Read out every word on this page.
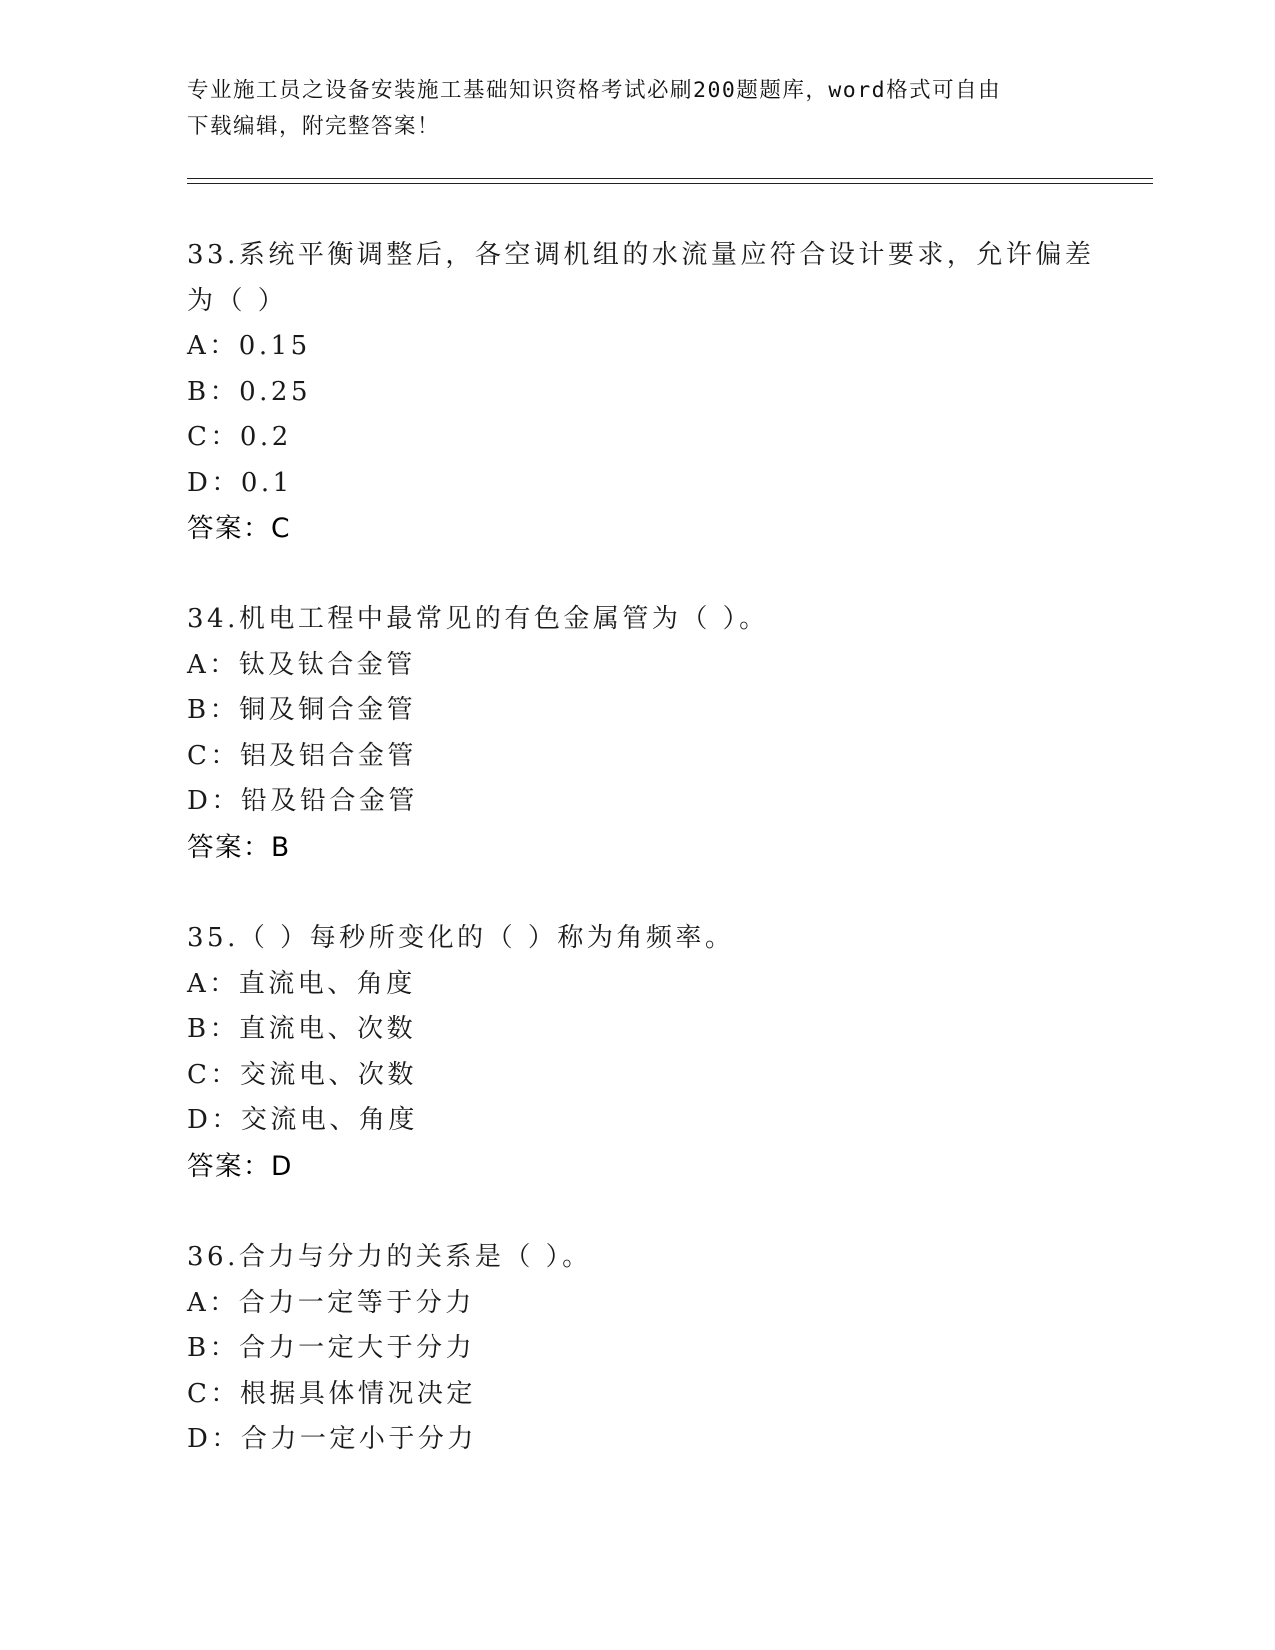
专业施工员之设备安装施工基础知识资格考试必刷200题题库，word格式可自由
下载编辑，附完整答案！
33.系统平衡调整后，各空调机组的水流量应符合设计要求，允许偏差
为（ ）
A：0.15
B：0.25
C：0.2
D：0.1
答案：C
34.机电工程中最常见的有色金属管为（ ）。
A：钛及钛合金管
B：铜及铜合金管
C：铝及铝合金管
D：铅及铅合金管
答案：B
35.（ ）每秒所变化的（ ）称为角频率。
A：直流电、角度
B：直流电、次数
C：交流电、次数
D：交流电、角度
答案：D
36.合力与分力的关系是（ ）。
A：合力一定等于分力
B：合力一定大于分力
C：根据具体情况决定
D：合力一定小于分力
